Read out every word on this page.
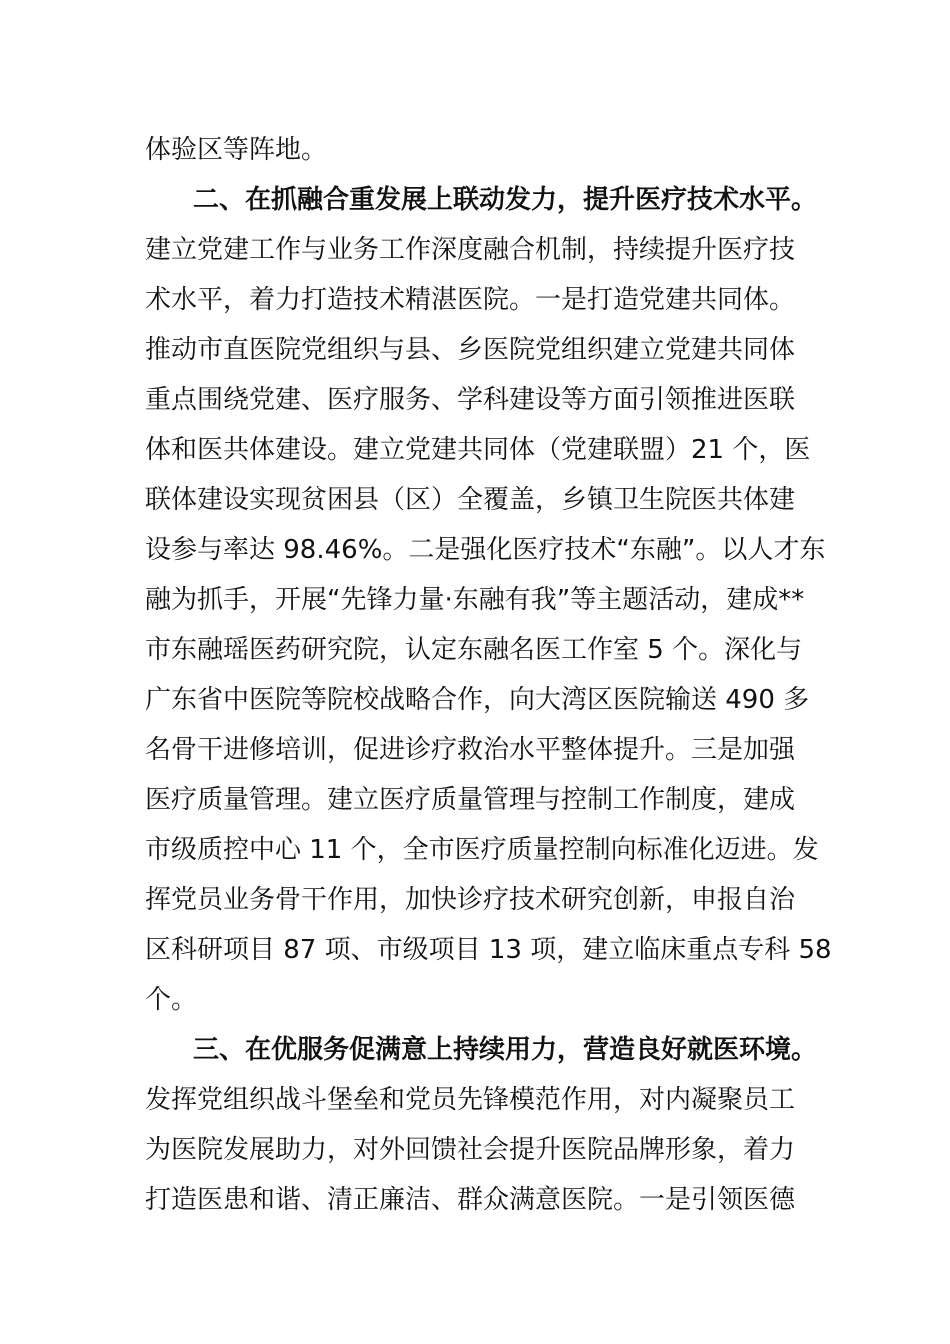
体验区等阵地。
二、在抓融合重发展上联动发力，提升医疗技术水平。
建立党建工作与业务工作深度融合机制，持续提升医疗技
术水平，着力打造技术精湛医院。一是打造党建共同体。
推动市直医院党组织与县、乡医院党组织建立党建共同体
重点围绕党建、医疗服务、学科建设等方面引领推进医联
体和医共体建设。建立党建共同体（党建联盟）21 个，医
联体建设实现贫困县（区）全覆盖，乡镇卫生院医共体建
设参与率达 98.46%。二是强化医疗技术“东融”。以人才东
融为抓手，开展“先锋力量·东融有我”等主题活动，建成**
市东融瑶医药研究院，认定东融名医工作室 5 个。深化与
广东省中医院等院校战略合作，向大湾区医院输送 490 多
名骨干进修培训，促进诊疗救治水平整体提升。三是加强
医疗质量管理。建立医疗质量管理与控制工作制度，建成
市级质控中心 11 个，全市医疗质量控制向标准化迈进。发
挥党员业务骨干作用，加快诊疗技术研究创新，申报自治
区科研项目 87 项、市级项目 13 项，建立临床重点专科 58
个。
三、在优服务促满意上持续用力，营造良好就医环境。
发挥党组织战斗堡垒和党员先锋模范作用，对内凝聚员工
为医院发展助力，对外回馈社会提升医院品牌形象，着力
打造医患和谐、清正廉洁、群众满意医院。一是引领医德
